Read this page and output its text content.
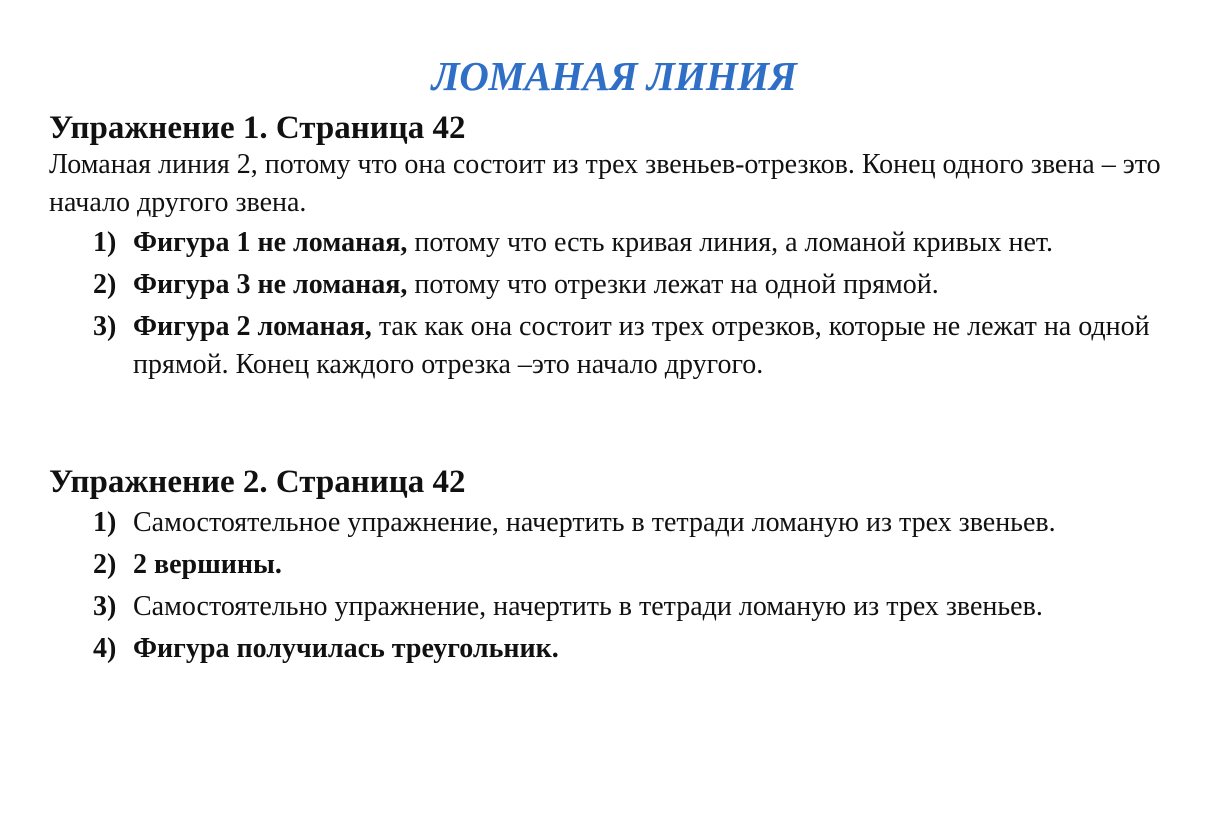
ЛОМАНАЯ ЛИНИЯ
Упражнение 1. Страница 42
Ломаная линия 2, потому что она состоит из трех звеньев-отрезков. Конец одного звена – это начало другого звена.
1) Фигура 1 не ломаная, потому что есть кривая линия, а ломаной кривых нет.
2) Фигура 3 не ломаная, потому что отрезки лежат на одной прямой.
3) Фигура 2 ломаная, так как она состоит из трех отрезков, которые не лежат на одной прямой. Конец каждого отрезка –это начало другого.
Упражнение 2. Страница 42
1) Самостоятельное упражнение, начертить в тетради ломаную из трех звеньев.
2) 2 вершины.
3) Самостоятельно упражнение, начертить в тетради ломаную из трех звеньев.
4) Фигура получилась треугольник.
